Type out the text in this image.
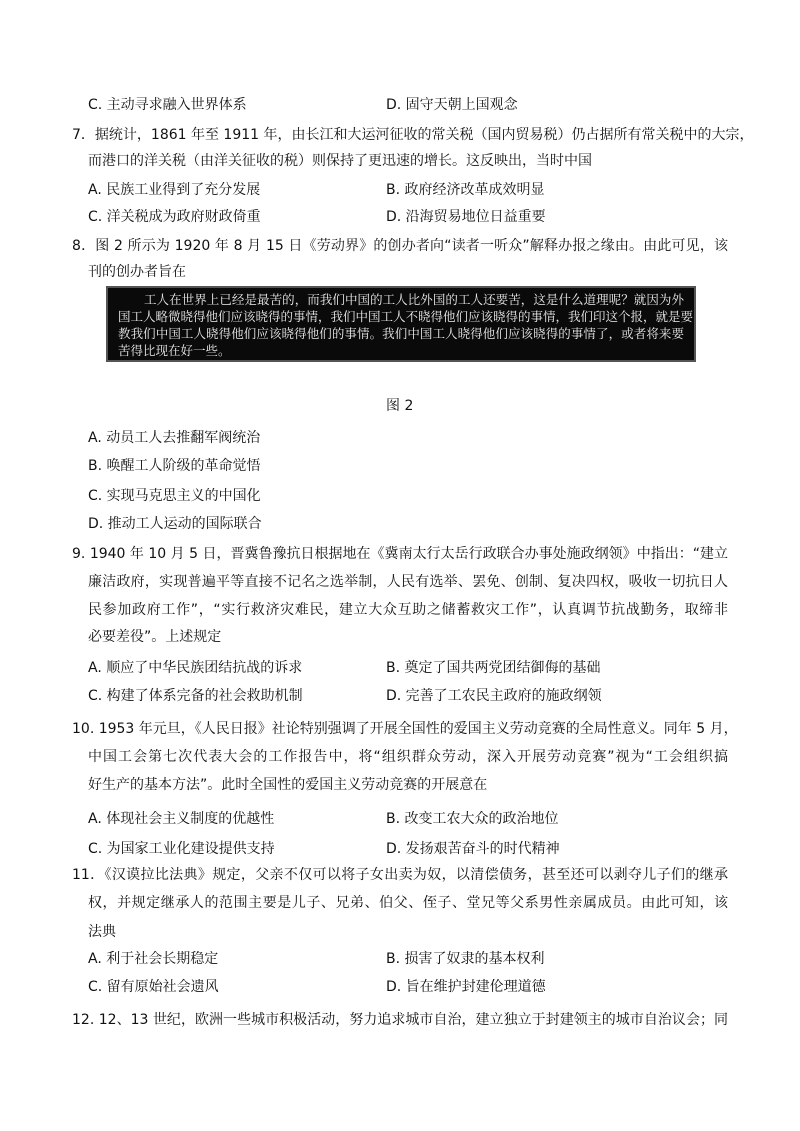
C. 主动寻求融入世界体系	D. 固守天朝上国观念
7．据统计，1861 年至 1911 年，由长江和大运河征收的常关税（国内贸易税）仍占据所有常关税中的大宗，
而港口的洋关税（由洋关征收的税）则保持了更迅速的增长。这反映出，当时中国
A. 民族工业得到了充分发展	B. 政府经济改革成效明显
C. 洋关税成为政府财政倚重	D. 沿海贸易地位日益重要
8．图 2 所示为 1920 年 8 月 15 日《劳动界》的创办者向“读者一听众”解释办报之缘由。由此可见，该
刊的创办者旨在
工人在世界上已经是最苦的，而我们中国的工人比外国的工人还要苦，这是什么道理呢？就因为外
国工人略微晓得他们应该晓得的事情，我们中国工人不晓得他们应该晓得的事情，我们印这个报，就是要
教我们中国工人晓得他们应该晓得他们的事情。我们中国工人晓得他们应该晓得的事情了，或者将来要
苦得比现在好一些。
图 2
A. 动员工人去推翻军阀统治
B. 唤醒工人阶级的革命觉悟
C. 实现马克思主义的中国化
D. 推动工人运动的国际联合
9. 1940 年 10 月 5 日，晋冀鲁豫抗日根据地在《冀南太行太岳行政联合办事处施政纲领》中指出：“建立
廉洁政府，实现普遍平等直接不记名之选举制，人民有选举、罢免、创制、复决四权，吸收一切抗日人
民参加政府工作”，“实行救济灾难民，建立大众互助之储蓄救灾工作”，认真调节抗战勤务，取缔非
必要差役”。上述规定
A. 顺应了中华民族团结抗战的诉求	B. 奠定了国共两党团结御侮的基础
C. 构建了体系完备的社会救助机制	D. 完善了工农民主政府的施政纲领
10. 1953 年元旦，《人民日报》社论特别强调了开展全国性的爱国主义劳动竞赛的全局性意义。同年 5 月，
中国工会第七次代表大会的工作报告中，将“组织群众劳动，深入开展劳动竞赛”视为“工会组织搞
好生产的基本方法”。此时全国性的爱国主义劳动竞赛的开展意在
A. 体现社会主义制度的优越性	B. 改变工农大众的政治地位
C. 为国家工业化建设提供支持	D. 发扬艰苦奋斗的时代精神
11．《汉谟拉比法典》规定，父亲不仅可以将子女出卖为奴，以清偿债务，甚至还可以剥夺儿子们的继承
权，并规定继承人的范围主要是儿子、兄弟、伯父、侄子、堂兄等父系男性亲属成员。由此可知，该
法典
A. 利于社会长期稳定	B. 损害了奴隶的基本权利
C. 留有原始社会遗风	D. 旨在维护封建伦理道德
12. 12、13 世纪，欧洲一些城市积极活动，努力追求城市自治，建立独立于封建领主的城市自治议会；同
